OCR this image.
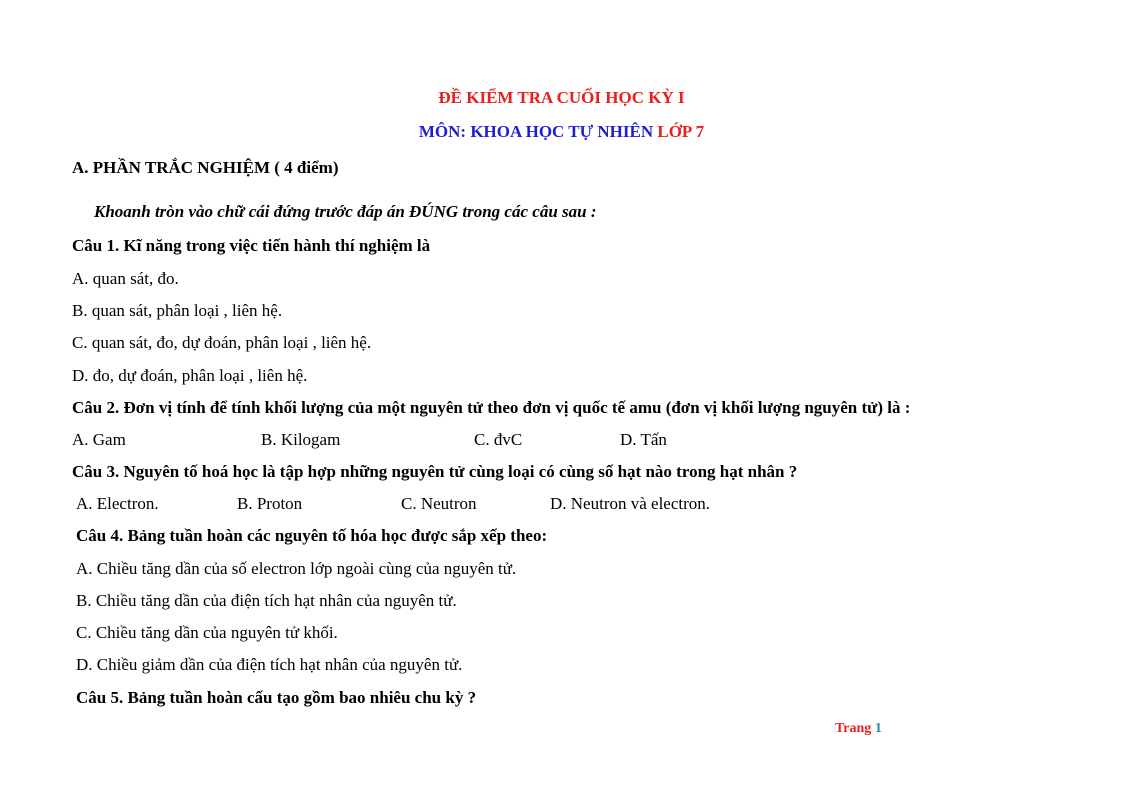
ĐỀ KIỂM TRA CUỐI HỌC KỲ I
MÔN: KHOA HỌC TỰ NHIÊN LỚP 7
A. PHẦN TRẮC NGHIỆM ( 4 điểm)
Khoanh tròn vào chữ cái đứng trước đáp án ĐÚNG trong các câu sau :
Câu 1. Kĩ năng trong việc tiến hành thí nghiệm là
A. quan sát, đo.
B. quan sát, phân loại , liên hệ.
C. quan sát, đo, dự đoán, phân loại , liên hệ.
D. đo, dự đoán, phân loại , liên hệ.
Câu 2. Đơn vị tính để tính khối lượng của một nguyên tử theo đơn vị quốc tế amu (đơn vị khối lượng nguyên tử) là :
A. Gam	B. Kilogam	C. đvC	D. Tấn
Câu 3. Nguyên tố hoá học là tập hợp những nguyên tử cùng loại có cùng số hạt nào trong hạt nhân ?
A. Electron.	B. Proton	C. Neutron	D. Neutron và electron.
Câu 4. Bảng tuần hoàn các nguyên tố hóa học được sắp xếp theo:
A. Chiều tăng dần của số electron lớp ngoài cùng của nguyên tử.
B. Chiều tăng dần của điện tích hạt nhân của nguyên tử.
C. Chiều tăng dần của nguyên tử khối.
D. Chiều giảm dần của điện tích hạt nhân của nguyên tử.
Câu 5. Bảng tuần hoàn cấu tạo gồm bao nhiêu chu kỳ ?
Trang 1
